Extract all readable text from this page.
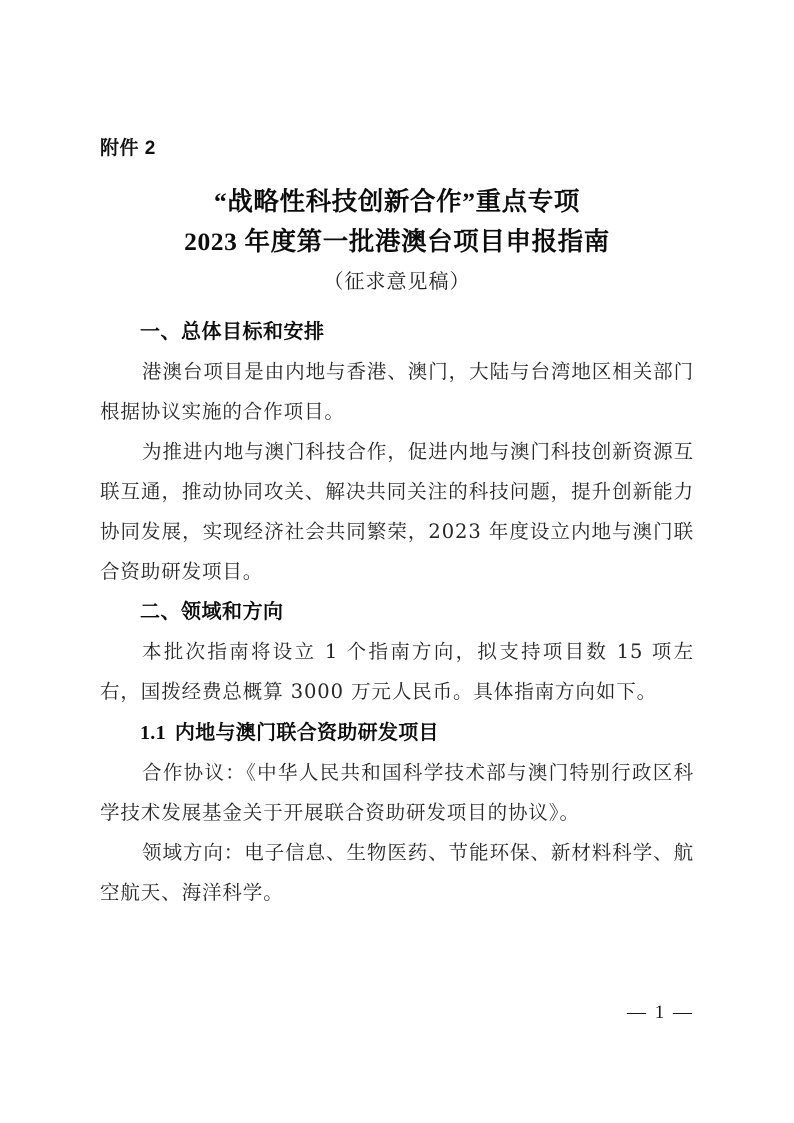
附件 2

“战略性科技创新合作”重点专项
2023 年度第一批港澳台项目申报指南

（征求意见稿）

一、总体目标和安排

港澳台项目是由内地与香港、澳门，大陆与台湾地区相关部门根据协议实施的合作项目。

为推进内地与澳门科技合作，促进内地与澳门科技创新资源互联互通，推动协同攻关、解决共同关注的科技问题，提升创新能力协同发展，实现经济社会共同繁荣，2023 年度设立内地与澳门联合资助研发项目。

二、领域和方向

本批次指南将设立 1 个指南方向，拟支持项目数 15 项左右，国拨经费总概算 3000 万元人民币。具体指南方向如下。

1.1 内地与澳门联合资助研发项目

合作协议：《中华人民共和国科学技术部与澳门特别行政区科学技术发展基金关于开展联合资助研发项目的协议》。

领域方向：电子信息、生物医药、节能环保、新材料科学、航空航天、海洋科学。

— 1 —
